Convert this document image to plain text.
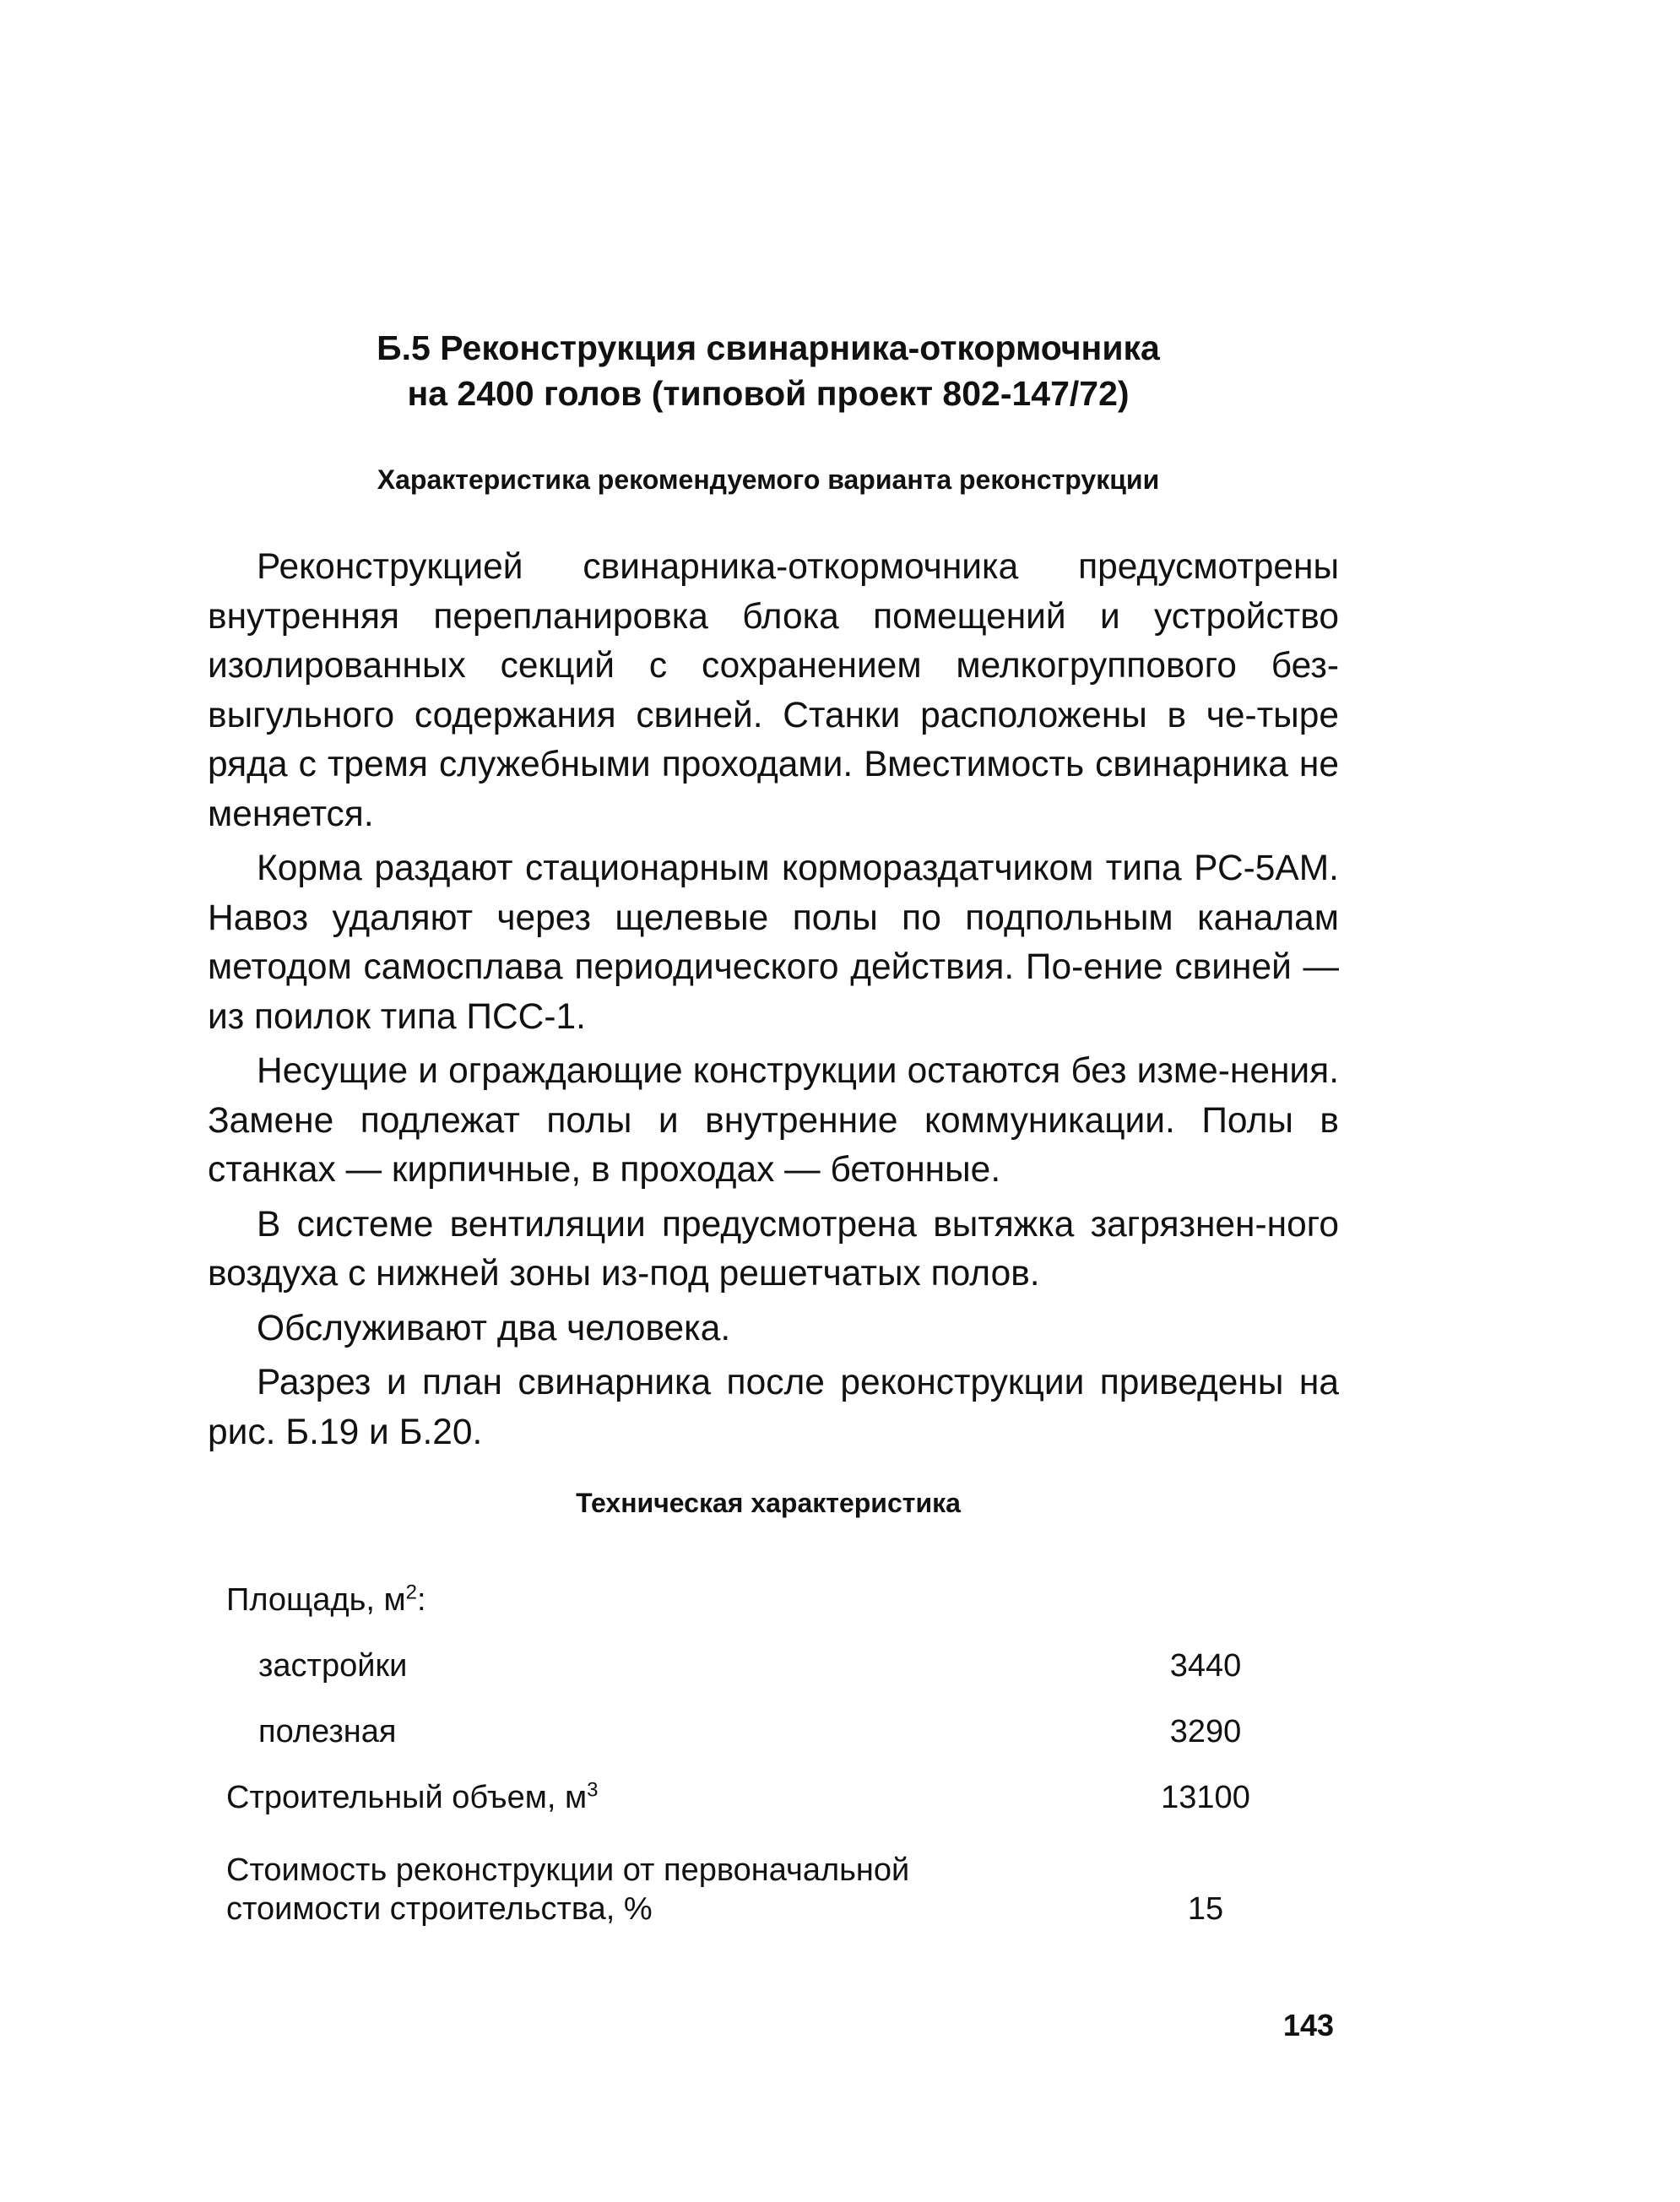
Б.5 Реконструкция свинарника-откормочника
на 2400 голов (типовой проект 802-147/72)
Характеристика рекомендуемого варианта реконструкции

Реконструкцией свинарника-откормочника предусмотрены внутренняя перепланировка блока помещений и устройство изолированных секций с сохранением мелкогруппового без-выгульного содержания свиней. Станки расположены в че-тыре ряда с тремя служебными проходами. Вместимость свинарника не меняется.

Корма раздают стационарным кормораздатчиком типа РС-5АМ. Навоз удаляют через щелевые полы по подпольным каналам методом самосплава периодического действия. По-ение свиней — из поилок типа ПСС-1.

Несущие и ограждающие конструкции остаются без изме-нения. Замене подлежат полы и внутренние коммуникации. Полы в станках — кирпичные, в проходах — бетонные.

В системе вентиляции предусмотрена вытяжка загрязнен-ного воздуха с нижней зоны из-под решетчатых полов.

Обслуживают два человека.

Разрез и план свинарника после реконструкции приведены на рис. Б.19 и Б.20.

Техническая характеристика
Площадь, $м^2$:
застройки	3440
полезная	3290
Строительный объем, $м^3$	13100
Стоимость реконструкции от первоначальной
стоимости строительства, %	15
143
